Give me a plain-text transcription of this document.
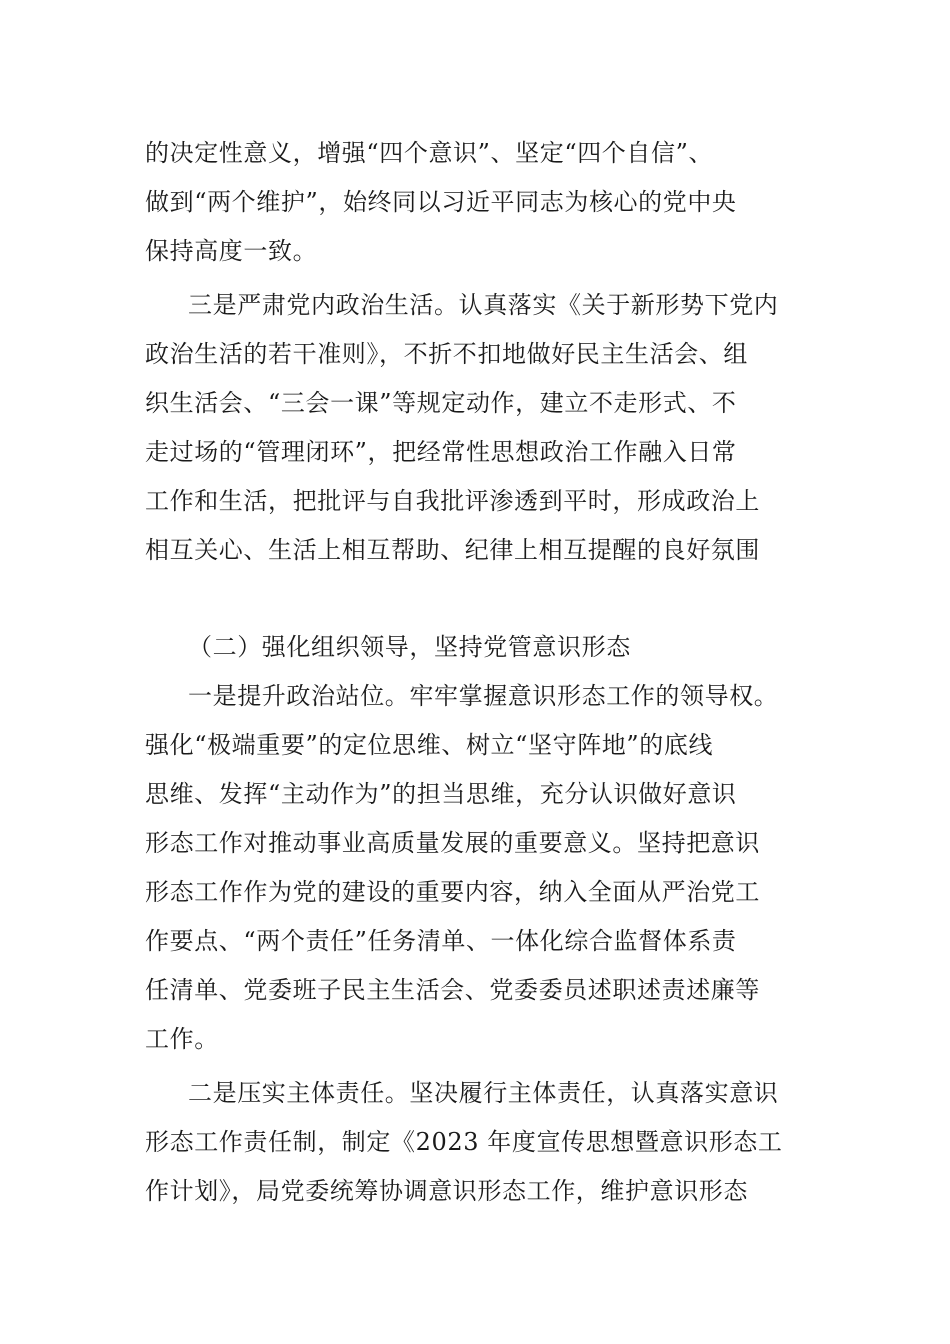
的决定性意义，增强“四个意识”、坚定“四个自信”、
做到“两个维护”，始终同以习近平同志为核心的党中央
保持高度一致。
三是严肃党内政治生活。认真落实《关于新形势下党内
政治生活的若干准则》，不折不扣地做好民主生活会、组
织生活会、“三会一课”等规定动作，建立不走形式、不
走过场的“管理闭环”，把经常性思想政治工作融入日常
工作和生活，把批评与自我批评渗透到平时，形成政治上
相互关心、生活上相互帮助、纪律上相互提醒的良好氛围
（二）强化组织领导，坚持党管意识形态
一是提升政治站位。牢牢掌握意识形态工作的领导权。
强化“极端重要”的定位思维、树立“坚守阵地”的底线
思维、发挥“主动作为”的担当思维，充分认识做好意识
形态工作对推动事业高质量发展的重要意义。坚持把意识
形态工作作为党的建设的重要内容，纳入全面从严治党工
作要点、“两个责任”任务清单、一体化综合监督体系责
任清单、党委班子民主生活会、党委委员述职述责述廉等
工作。
二是压实主体责任。坚决履行主体责任，认真落实意识
形态工作责任制，制定《2023 年度宣传思想暨意识形态工
作计划》，局党委统筹协调意识形态工作，维护意识形态
